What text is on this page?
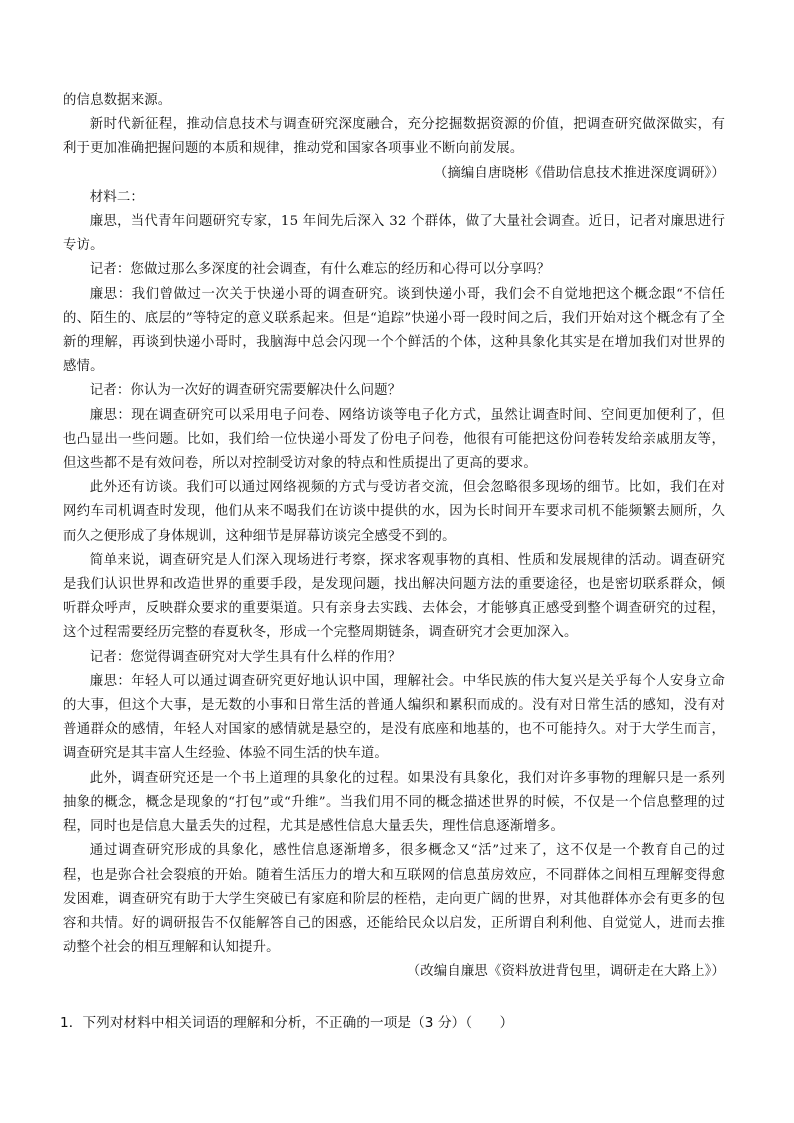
的信息数据来源。

新时代新征程，推动信息技术与调查研究深度融合，充分挖掘数据资源的价值，把调查研究做深做实，有利于更加准确把握问题的本质和规律，推动党和国家各项事业不断向前发展。

（摘编自唐晓彬《借助信息技术推进深度调研》）

材料二：

廉思，当代青年问题研究专家，15 年间先后深入 32 个群体，做了大量社会调查。近日，记者对廉思进行专访。

记者：您做过那么多深度的社会调查，有什么难忘的经历和心得可以分享吗？

廉思：我们曾做过一次关于快递小哥的调查研究。谈到快递小哥，我们会不自觉地把这个概念跟“不信任的、陌生的、底层的”等特定的意义联系起来。但是“追踪”快递小哥一段时间之后，我们开始对这个概念有了全新的理解，再谈到快递小哥时，我脑海中总会闪现一个个鲜活的个体，这种具象化其实是在增加我们对世界的感情。

记者：你认为一次好的调查研究需要解决什么问题？

廉思：现在调查研究可以采用电子问卷、网络访谈等电子化方式，虽然让调查时间、空间更加便利了，但也凸显出一些问题。比如，我们给一位快递小哥发了份电子问卷，他很有可能把这份问卷转发给亲戚朋友等，但这些都不是有效问卷，所以对控制受访对象的特点和性质提出了更高的要求。

此外还有访谈。我们可以通过网络视频的方式与受访者交流，但会忽略很多现场的细节。比如，我们在对网约车司机调查时发现，他们从来不喝我们在访谈中提供的水，因为长时间开车要求司机不能频繁去厕所，久而久之便形成了身体规训，这种细节是屏幕访谈完全感受不到的。

简单来说，调查研究是人们深入现场进行考察，探求客观事物的真相、性质和发展规律的活动。调查研究是我们认识世界和改造世界的重要手段，是发现问题，找出解决问题方法的重要途径，也是密切联系群众，倾听群众呼声，反映群众要求的重要渠道。只有亲身去实践、去体会，才能够真正感受到整个调查研究的过程，这个过程需要经历完整的春夏秋冬，形成一个完整周期链条，调查研究才会更加深入。

记者：您觉得调查研究对大学生具有什么样的作用？

廉思：年轻人可以通过调查研究更好地认识中国，理解社会。中华民族的伟大复兴是关乎每个人安身立命的大事，但这个大事，是无数的小事和日常生活的普通人编织和累积而成的。没有对日常生活的感知，没有对普通群众的感情，年轻人对国家的感情就是悬空的，是没有底座和地基的，也不可能持久。对于大学生而言，调查研究是其丰富人生经验、体验不同生活的快车道。

此外，调查研究还是一个书上道理的具象化的过程。如果没有具象化，我们对许多事物的理解只是一系列抽象的概念，概念是现象的“打包”或“升维”。当我们用不同的概念描述世界的时候，不仅是一个信息整理的过程，同时也是信息大量丢失的过程，尤其是感性信息大量丢失，理性信息逐渐增多。

通过调查研究形成的具象化，感性信息逐渐增多，很多概念又“活”过来了，这不仅是一个教育自己的过程，也是弥合社会裂痕的开始。随着生活压力的增大和互联网的信息茧房效应，不同群体之间相互理解变得愈发困难，调查研究有助于大学生突破已有家庭和阶层的桎梏，走向更广阔的世界，对其他群体亦会有更多的包容和共情。好的调研报告不仅能解答自己的困惑，还能给民众以启发，正所谓自利利他、自觉觉人，进而去推动整个社会的相互理解和认知提升。

（改编自廉思《资料放进背包里，调研走在大路上》）

1．下列对材料中相关词语的理解和分析，不正确的一项是（3 分）（　　）
